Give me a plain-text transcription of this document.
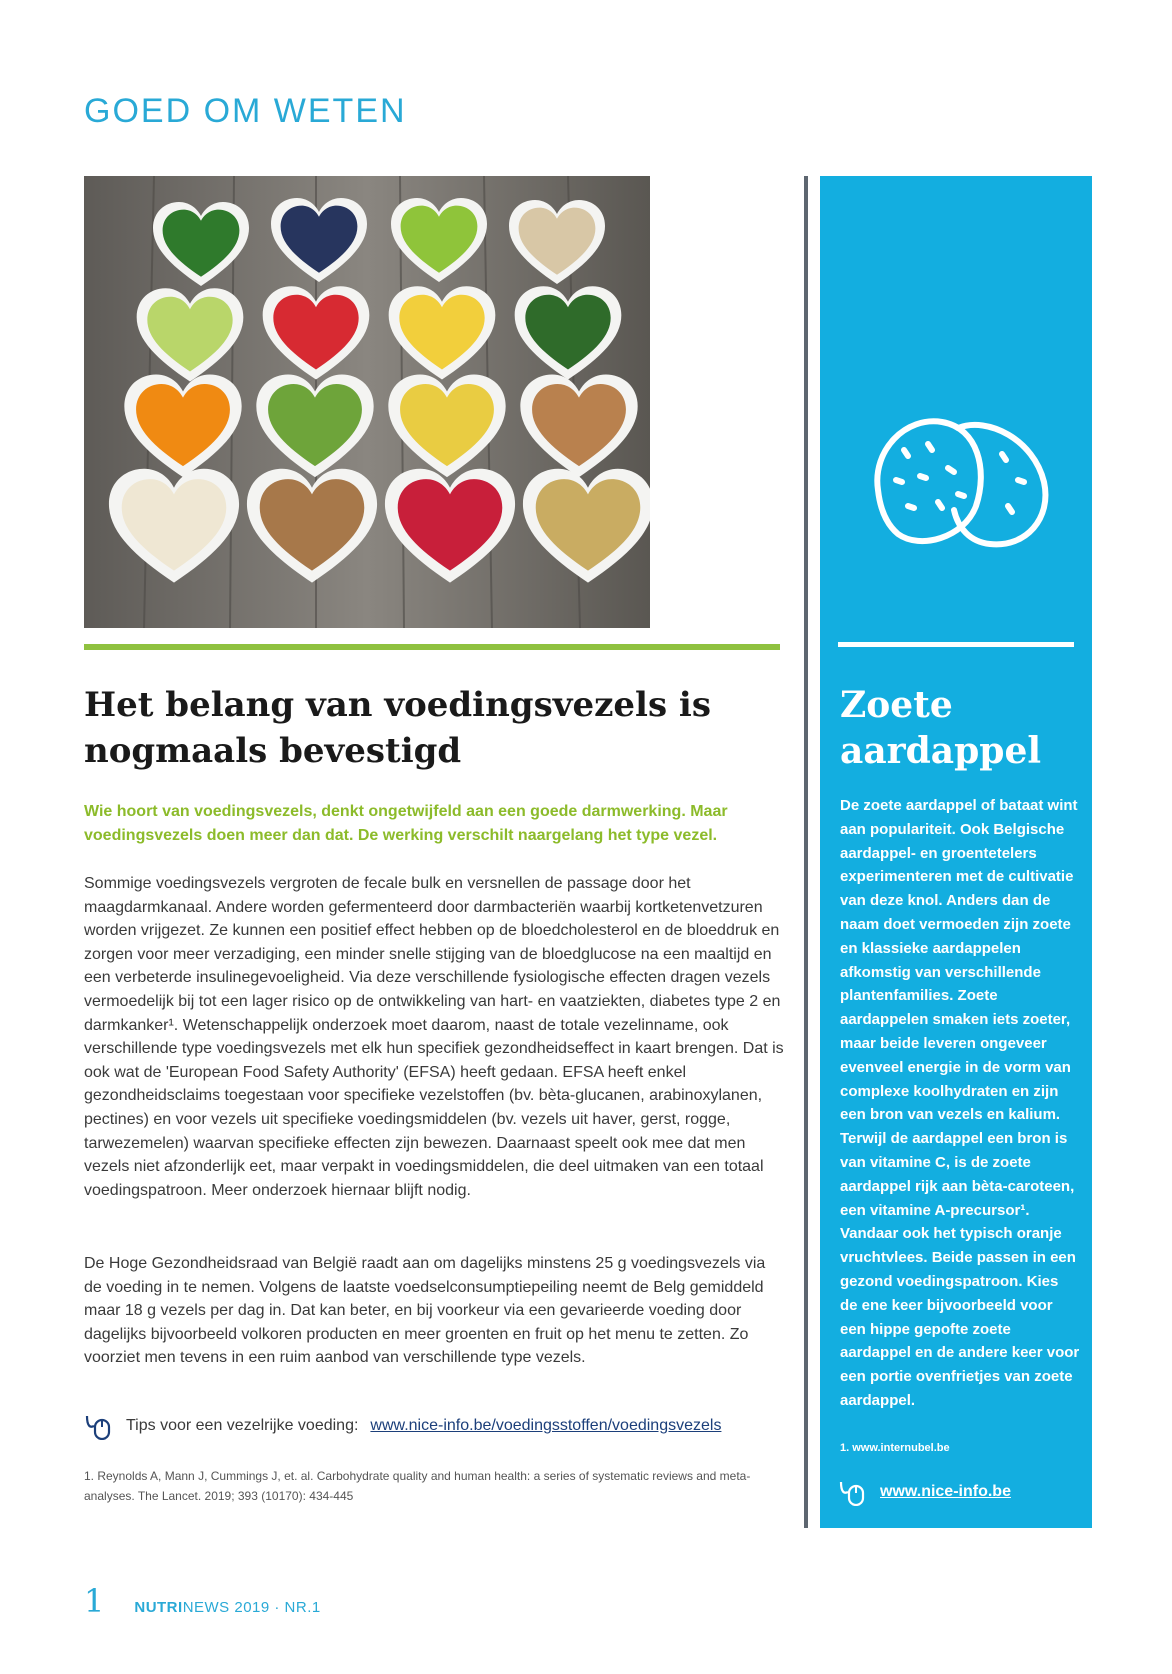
GOED OM WETEN
Het belang van voedingsvezels is nogmaals bevestigd

Wie hoort van voedingsvezels, denkt ongetwijfeld aan een goede darmwerking. Maar voedingsvezels doen meer dan dat. De werking verschilt naargelang het type vezel.

Sommige voedingsvezels vergroten de fecale bulk en versnellen de passage door het maagdarmkanaal. Andere worden gefermenteerd door darmbacteriën waarbij kortketenvetzuren worden vrijgezet. Ze kunnen een positief effect hebben op de bloedcholesterol en de bloeddruk en zorgen voor meer verzadiging, een minder snelle stijging van de bloedglucose na een maaltijd en een verbeterde insulinegevoeligheid. Via deze verschillende fysiologische effecten dragen vezels vermoedelijk bij tot een lager risico op de ontwikkeling van hart- en vaatziekten, diabetes type 2 en darmkanker¹. Wetenschappelijk onderzoek moet daarom, naast de totale vezelinname, ook verschillende type voedingsvezels met elk hun specifiek gezondheidseffect in kaart brengen. Dat is ook wat de 'European Food Safety Authority' (EFSA) heeft gedaan. EFSA heeft enkel gezondheidsclaims toegestaan voor specifieke vezelstoffen (bv. bèta-glucanen, arabinoxylanen, pectines) en voor vezels uit specifieke voedingsmiddelen (bv. vezels uit haver, gerst, rogge, tarwezemelen) waarvan specifieke effecten zijn bewezen. Daarnaast speelt ook mee dat men vezels niet afzonderlijk eet, maar verpakt in voedingsmiddelen, die deel uitmaken van een totaal voedingspatroon. Meer onderzoek hiernaar blijft nodig.

De Hoge Gezondheidsraad van België raadt aan om dagelijks minstens 25 g voedingsvezels via de voeding in te nemen. Volgens de laatste voedselconsumptiepeiling neemt de Belg gemiddeld maar 18 g vezels per dag in. Dat kan beter, en bij voorkeur via een gevarieerde voeding door dagelijks bijvoorbeeld volkoren producten en meer groenten en fruit op het menu te zetten. Zo voorziet men tevens in een ruim aanbod van verschillende type vezels.

Tips voor een vezelrijke voeding: www.nice-info.be/voedingsstoffen/voedingsvezels

1. Reynolds A, Mann J, Cummings J, et. al. Carbohydrate quality and human health: a series of systematic reviews and meta-analyses. The Lancet. 2019; 393 (10170): 434-445

Zoete aardappel

De zoete aardappel of bataat wint aan populariteit. Ook Belgische aardappel- en groentetelers experimenteren met de cultivatie van deze knol. Anders dan de naam doet vermoeden zijn zoete en klassieke aardappelen afkomstig van verschillende plantenfamilies. Zoete aardappelen smaken iets zoeter, maar beide leveren ongeveer evenveel energie in de vorm van complexe koolhydraten en zijn een bron van vezels en kalium. Terwijl de aardappel een bron is van vitamine C, is de zoete aardappel rijk aan bèta-caroteen, een vitamine A-precursor¹. Vandaar ook het typisch oranje vruchtvlees. Beide passen in een gezond voedingspatroon. Kies de ene keer bijvoorbeeld voor een hippe gepofte zoete aardappel en de andere keer voor een portie ovenfrietjes van zoete aardappel.

1. www.internubel.be

www.nice-info.be
1 NUTRINEWS 2019 · NR.1
